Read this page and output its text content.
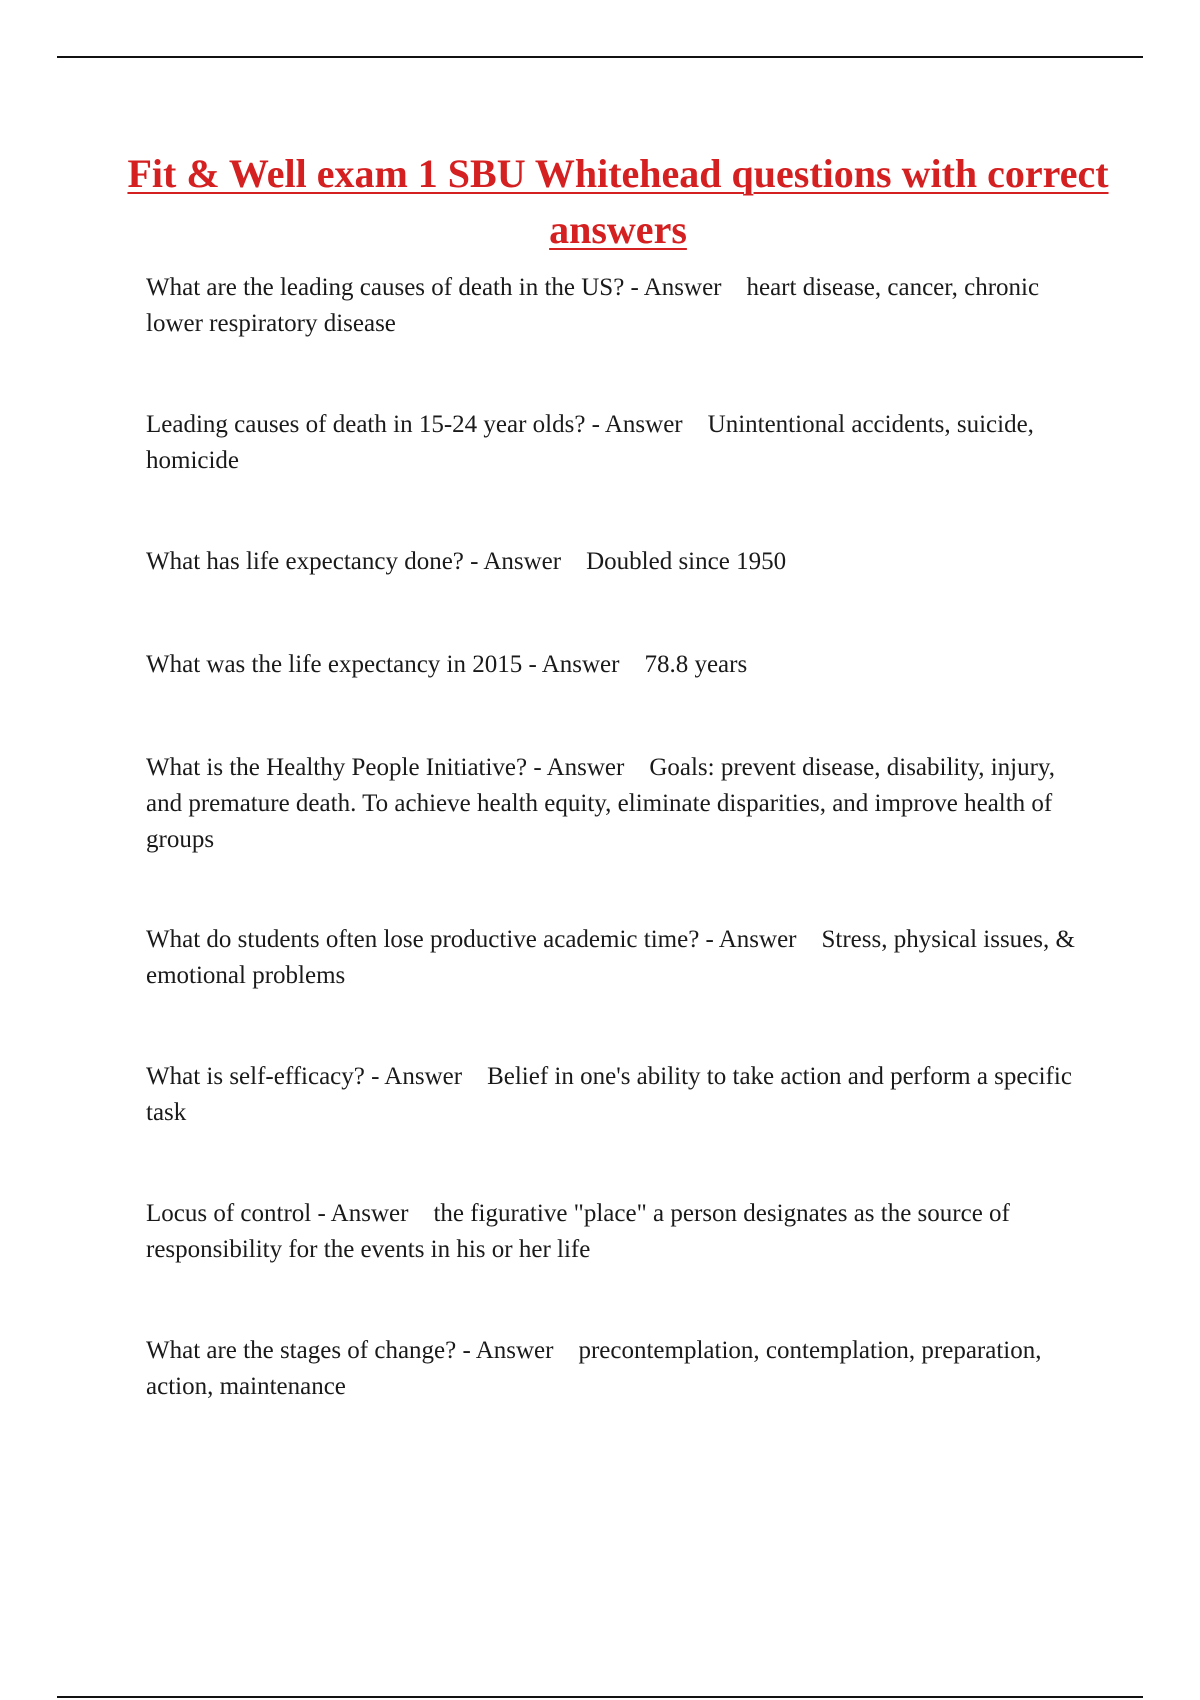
Fit & Well exam 1 SBU Whitehead questions with correct answers

What are the leading causes of death in the US? - Answer    heart disease, cancer, chronic lower respiratory disease

Leading causes of death in 15-24 year olds? - Answer    Unintentional accidents, suicide, homicide

What has life expectancy done? - Answer    Doubled since 1950

What was the life expectancy in 2015 - Answer    78.8 years

What is the Healthy People Initiative? - Answer    Goals: prevent disease, disability, injury, and premature death. To achieve health equity, eliminate disparities, and improve health of groups

What do students often lose productive academic time? - Answer    Stress, physical issues, & emotional problems

What is self-efficacy? - Answer    Belief in one's ability to take action and perform a specific task

Locus of control - Answer    the figurative "place" a person designates as the source of responsibility for the events in his or her life

What are the stages of change? - Answer    precontemplation, contemplation, preparation, action, maintenance
